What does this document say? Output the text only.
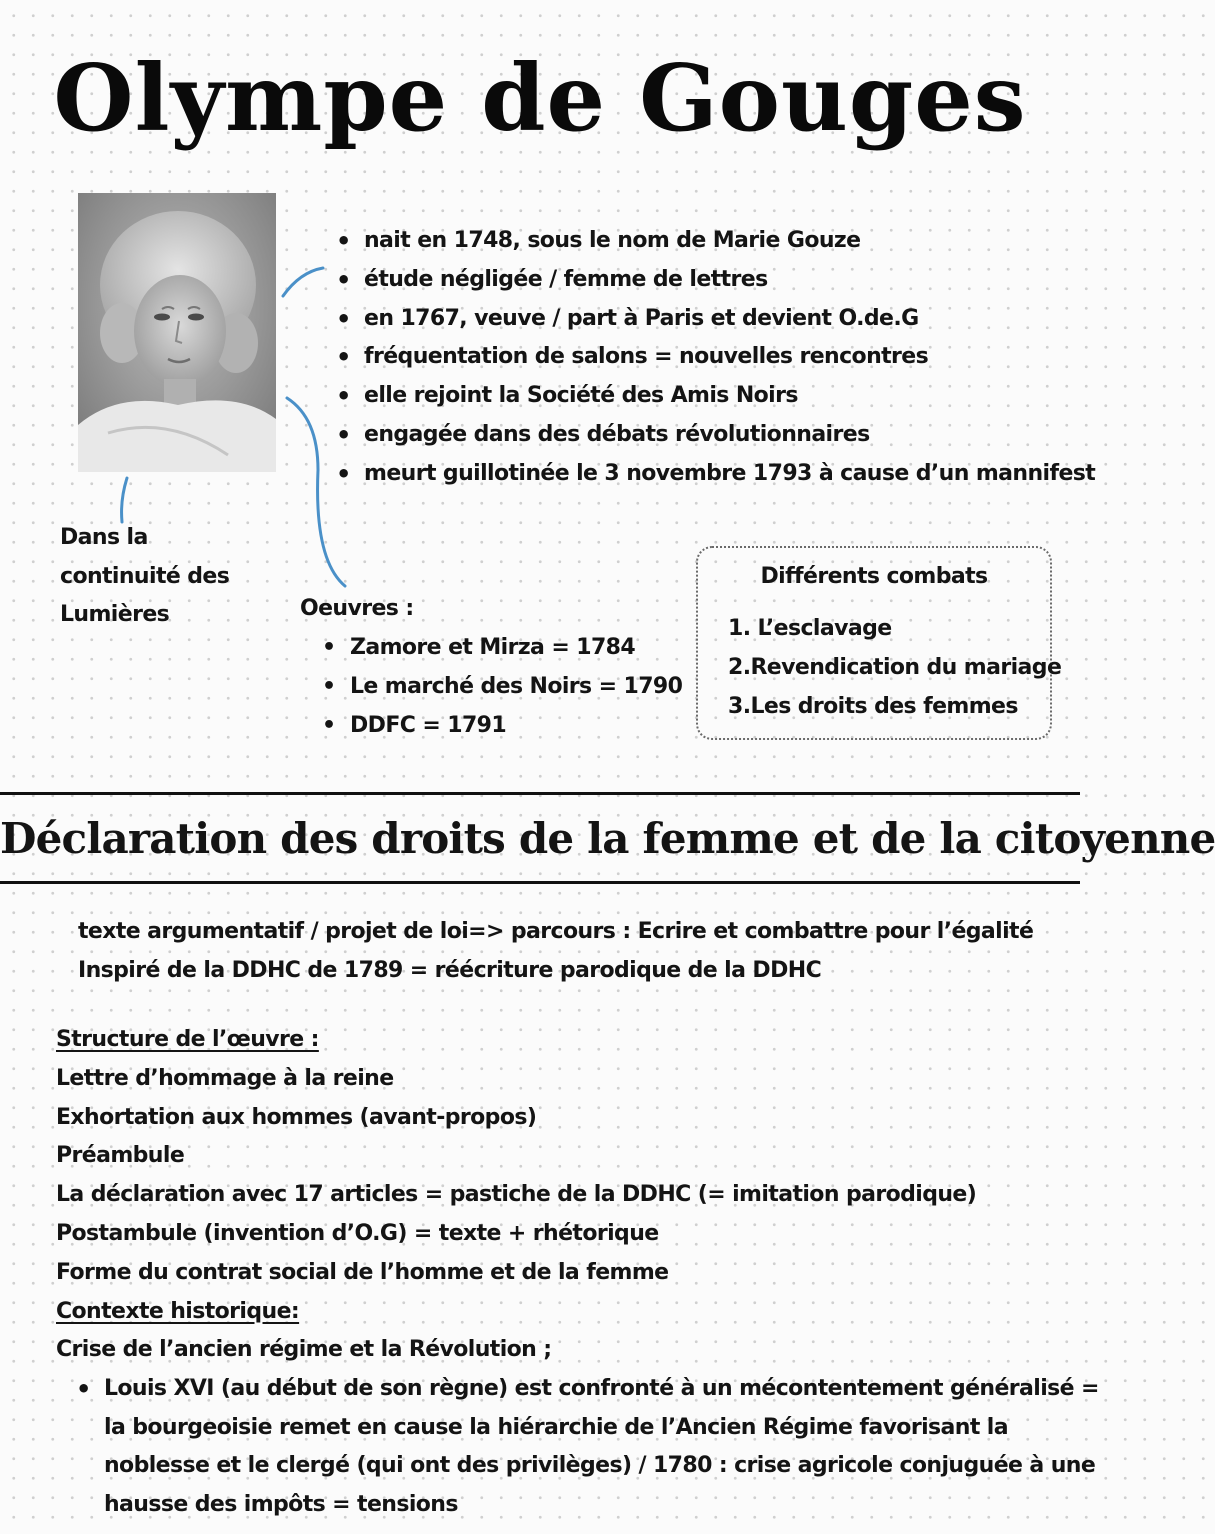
Olympe de Gouges
• nait en 1748, sous le nom de Marie Gouze
• étude négligée / femme de lettres
• en 1767, veuve / part à Paris et devient O.de.G
• fréquentation de salons = nouvelles rencontres
• elle rejoint la Société des Amis Noirs
• engagée dans des débats révolutionnaires
• meurt guillotinée le 3 novembre 1793 à cause d’un mannifest
Dans la
continuité des
Lumières	Oeuvres :
• Zamore et Mirza = 1784
• Le marché des Noirs = 1790
• DDFC = 1791
Différents combats
1. L’esclavage
2.Revendication du mariage
3.Les droits des femmes
Déclaration des droits de la femme et de la citoyenne
texte argumentatif / projet de loi=> parcours : Ecrire et combattre pour l’égalité
Inspiré de la DDHC de 1789 = réécriture parodique de la DDHC
Structure de l’œuvre :
Lettre d’hommage à la reine
Exhortation aux hommes (avant-propos)
Préambule
La déclaration avec 17 articles = pastiche de la DDHC (= imitation parodique)
Postambule (invention d’O.G) = texte + rhétorique
Forme du contrat social de l’homme et de la femme
Contexte historique:
Crise de l’ancien régime et la Révolution ;
• Louis XVI (au début de son règne) est confronté à un mécontentement généralisé =
la bourgeoisie remet en cause la hiérarchie de l’Ancien Régime favorisant la
noblesse et le clergé (qui ont des privilèges) / 1780 : crise agricole conjuguée à une
hausse des impôts = tensions
